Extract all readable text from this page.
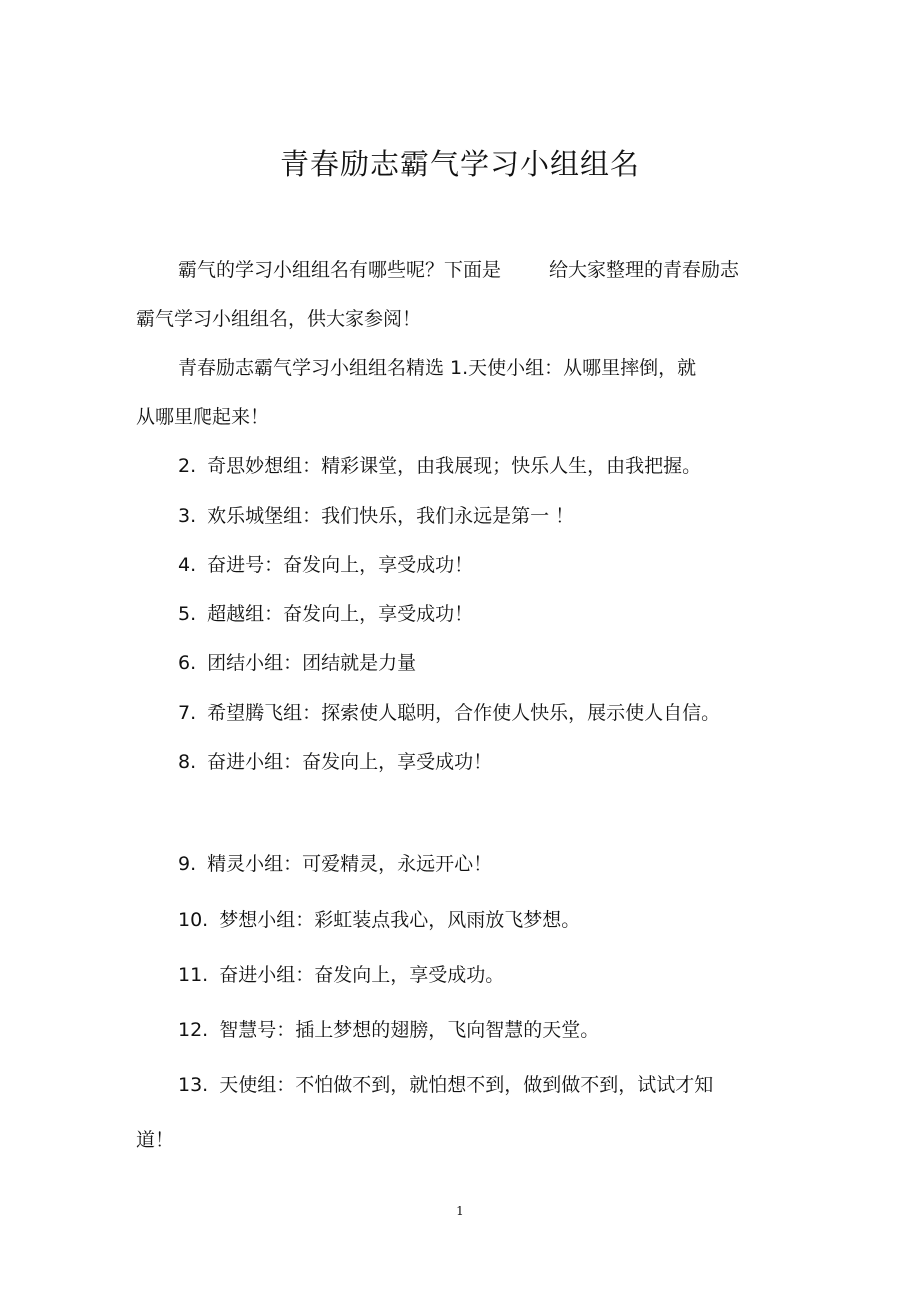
青春励志霸气学习小组组名
霸气的学习小组组名有哪些呢？下面是	给大家整理的青春励志
霸气学习小组组名，供大家参阅！
青春励志霸气学习小组组名精选 1.天使小组：从哪里摔倒，就
从哪里爬起来！
2. 奇思妙想组：精彩课堂，由我展现；快乐人生，由我把握。
3. 欢乐城堡组：我们快乐，我们永远是第一 ！
4. 奋进号：奋发向上，享受成功！
5. 超越组：奋发向上，享受成功！
6. 团结小组：团结就是力量
7. 希望腾飞组：探索使人聪明，合作使人快乐，展示使人自信。
8. 奋进小组：奋发向上，享受成功！
9. 精灵小组：可爱精灵，永远开心！
10. 梦想小组：彩虹装点我心，风雨放飞梦想。
11. 奋进小组：奋发向上，享受成功。
12. 智慧号：插上梦想的翅膀，飞向智慧的天堂。
13. 天使组：不怕做不到，就怕想不到，做到做不到，试试才知
道！
1
